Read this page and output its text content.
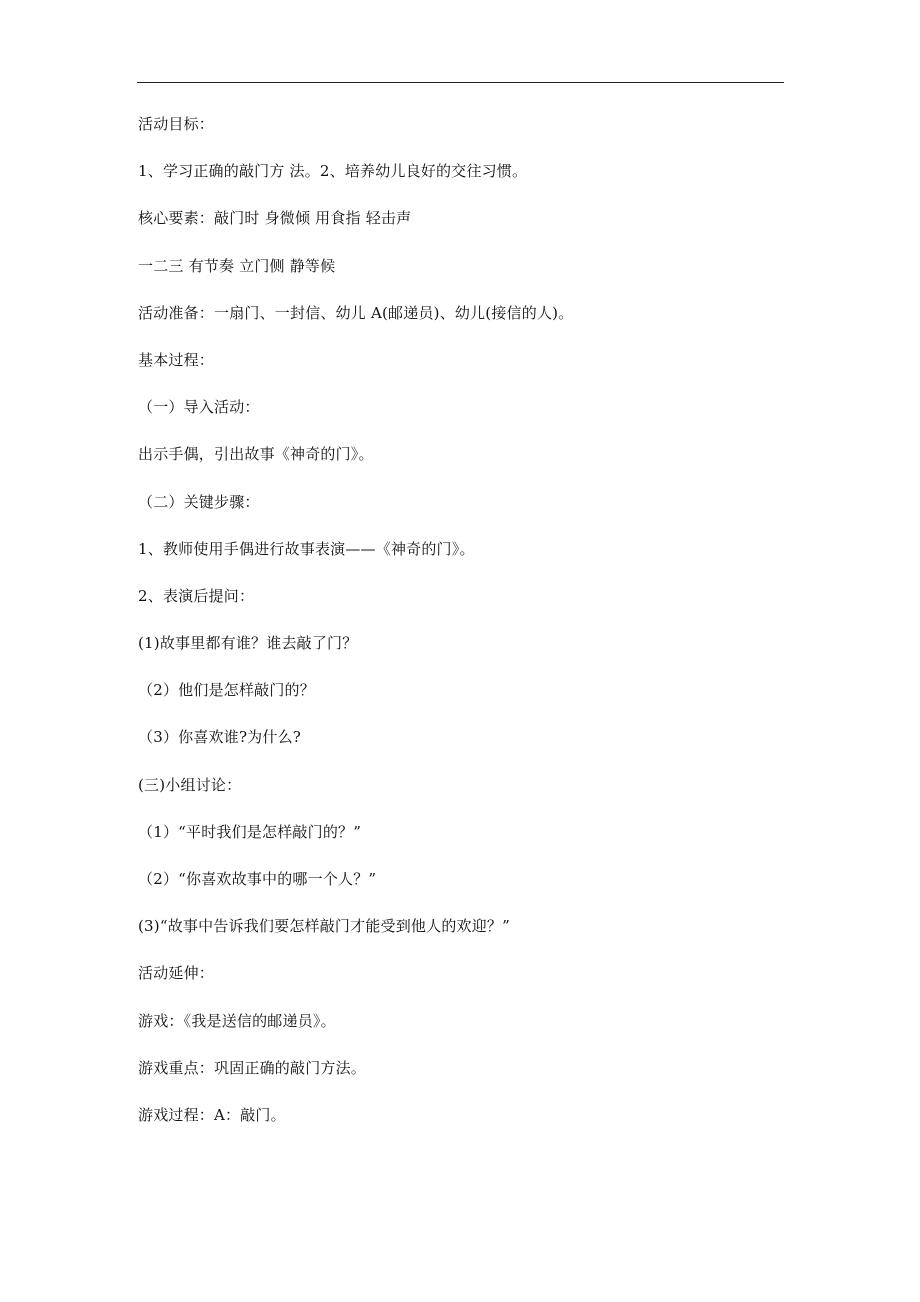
活动目标：
1、学习正确的敲门方 法。2、培养幼儿良好的交往习惯。
核心要素：敲门时 身微倾 用食指 轻击声
一二三 有节奏 立门侧 静等候
活动准备：一扇门、一封信、幼儿 A(邮递员)、幼儿(接信的人)。
基本过程：
（一）导入活动：
出示手偶，引出故事《神奇的门》。
（二）关键步骤：
1、教师使用手偶进行故事表演——《神奇的门》。
2、表演后提问：
(1)故事里都有谁？谁去敲了门？
（2）他们是怎样敲门的？
（3）你喜欢谁?为什么?
(三)小组讨论：
（1）“平时我们是怎样敲门的？”
（2）“你喜欢故事中的哪一个人？”
(3)“故事中告诉我们要怎样敲门才能受到他人的欢迎？”
活动延伸：
游戏：《我是送信的邮递员》。
游戏重点：巩固正确的敲门方法。
游戏过程：A：敲门。
